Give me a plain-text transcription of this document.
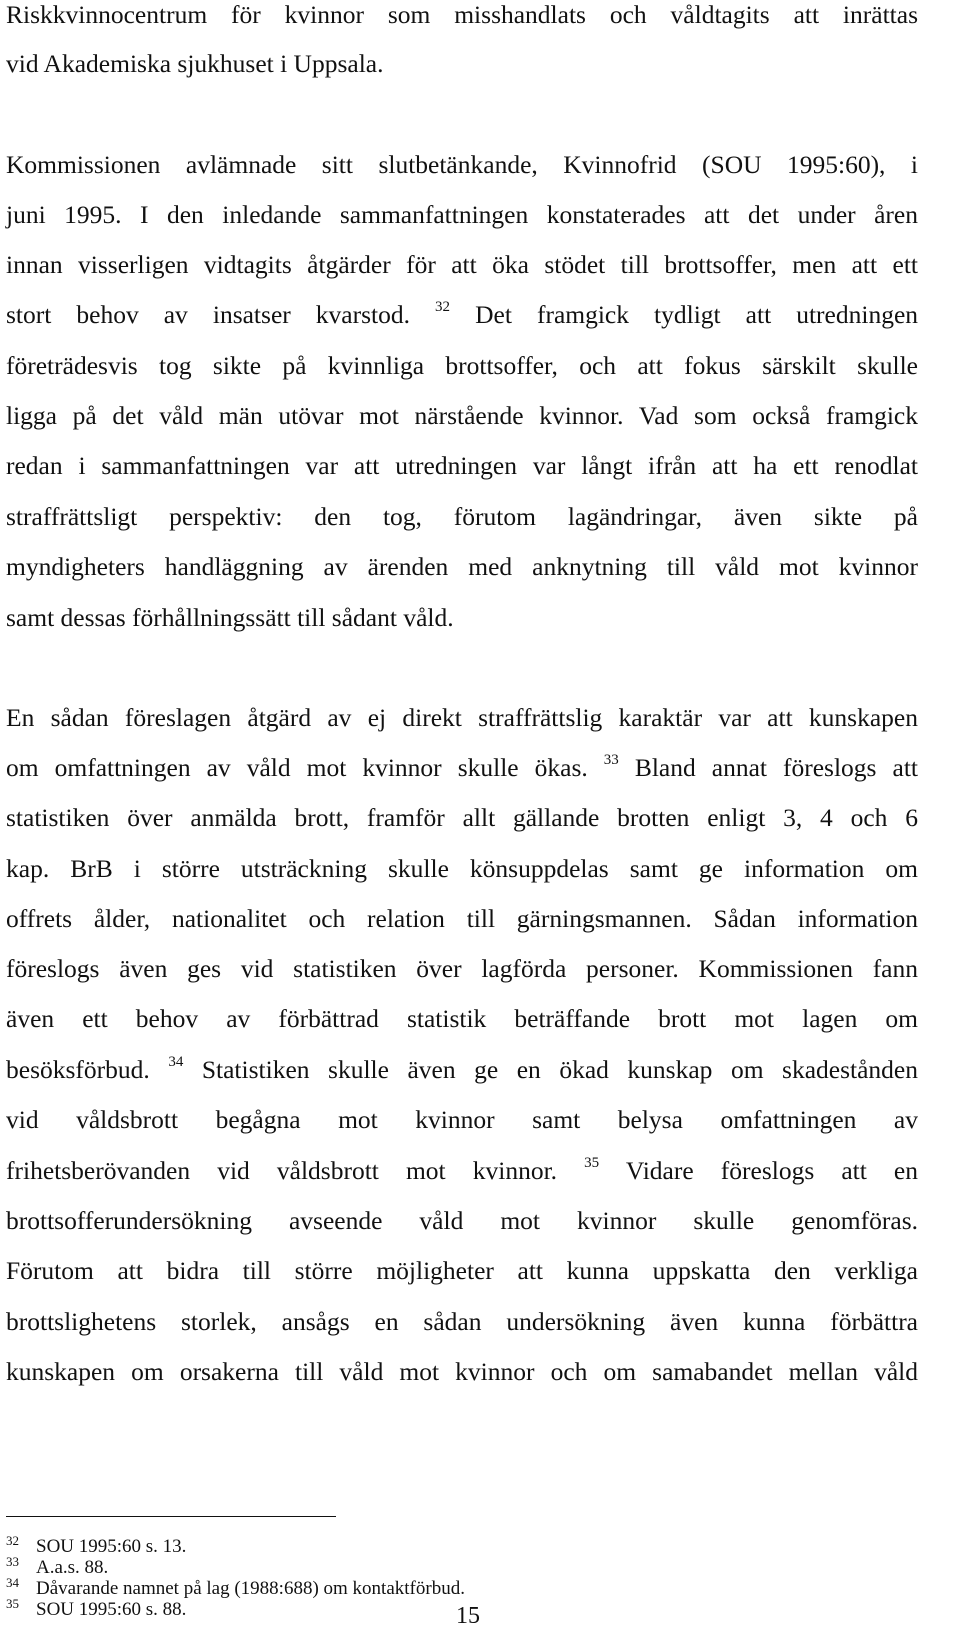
Riskkvinnocentrum för kvinnor som misshandlats och våldtagits att inrättas
vid Akademiska sjukhuset i Uppsala.
Kommissionen avlämnade sitt slutbetänkande, Kvinnofrid (SOU 1995:60), i
juni 1995. I den inledande sammanfattningen konstaterades att det under åren
innan visserligen vidtagits åtgärder för att öka stödet till brottsoffer, men att ett
stort behov av insatser kvarstod. $^{32}$ Det framgick tydligt att utredningen
företrädesvis tog sikte på kvinnliga brottsoffer, och att fokus särskilt skulle
ligga på det våld män utövar mot närstående kvinnor. Vad som också framgick
redan i sammanfattningen var att utredningen var långt ifrån att ha ett renodlat
straffrättsligt perspektiv: den tog, förutom lagändringar, även sikte på
myndigheters handläggning av ärenden med anknytning till våld mot kvinnor
samt dessas förhållningssätt till sådant våld.
En sådan föreslagen åtgärd av ej direkt straffrättslig karaktär var att kunskapen
om omfattningen av våld mot kvinnor skulle ökas. $^{33}$ Bland annat föreslogs att
statistiken över anmälda brott, framför allt gällande brotten enligt 3, 4 och 6
kap. BrB i större utsträckning skulle könsuppdelas samt ge information om
offrets ålder, nationalitet och relation till gärningsmannen. Sådan information
föreslogs även ges vid statistiken över lagförda personer. Kommissionen fann
även ett behov av förbättrad statistik beträffande brott mot lagen om
besöksförbud. $^{34}$ Statistiken skulle även ge en ökad kunskap om skadestånden
vid våldsbrott begågna mot kvinnor samt belysa omfattningen av
frihetsberövanden vid våldsbrott mot kvinnor. $^{35}$ Vidare föreslogs att en
brottsofferundersökning avseende våld mot kvinnor skulle genomföras.
Förutom att bidra till större möjligheter att kunna uppskatta den verkliga
brottslighetens storlek, ansågs en sådan undersökning även kunna förbättra
kunskapen om orsakerna till våld mot kvinnor och om samabandet mellan våld
32 SOU 1995:60 s. 13.
33 A.a.s. 88.
34 Dåvarande namnet på lag (1988:688) om kontaktförbud.
35 SOU 1995:60 s. 88.	15
